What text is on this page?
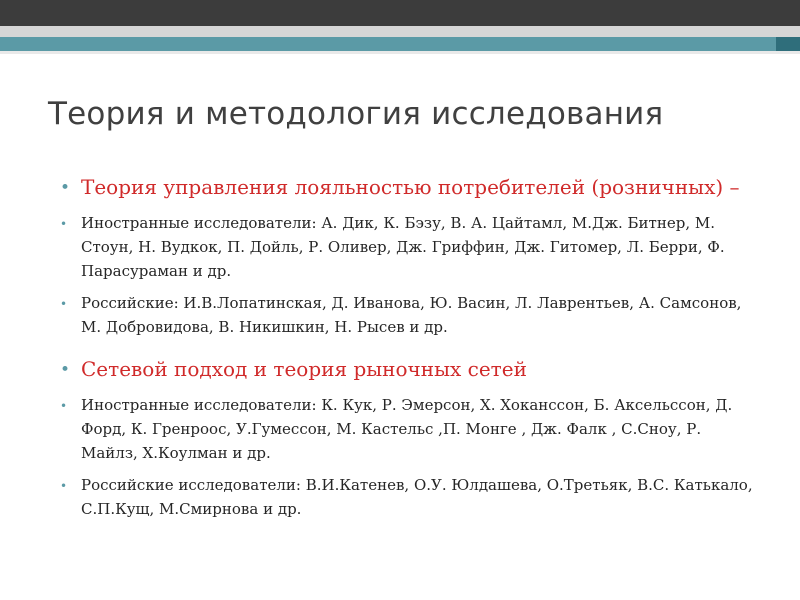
Теория и методология исследования
• Теория управления лояльностью потребителей (розничных) –
• Иностранные исследователи: А. Дик, К. Бэзу, В. А. Цайтамл, М.Дж. Битнер, М. Стоун, Н. Вудкок, П. Дойль, Р. Оливер, Дж. Гриффин, Дж. Гитомер, Л. Берри, Ф. Парасураман и др.
• Российские: И.В.Лопатинская, Д. Иванова, Ю. Васин, Л. Лаврентьев, А. Самсонов, М. Добровидова, В. Никишкин, Н. Рысев и др.
• Сетевой подход и теория рыночных сетей
• Иностранные исследователи: К. Кук, Р. Эмерсон, Х. Хоканссон, Б. Аксельссон, Д. Форд, К. Гренроос, У.Гумессон, М. Кастельс ,П. Монге , Дж. Фалк , С.Сноу, Р. Майлз, Х.Коулман и др.
• Российские исследователи: В.И.Катенев, О.У. Юлдашева, О.Третьяк, В.С. Катькало, С.П.Кущ, М.Смирнова и др.
